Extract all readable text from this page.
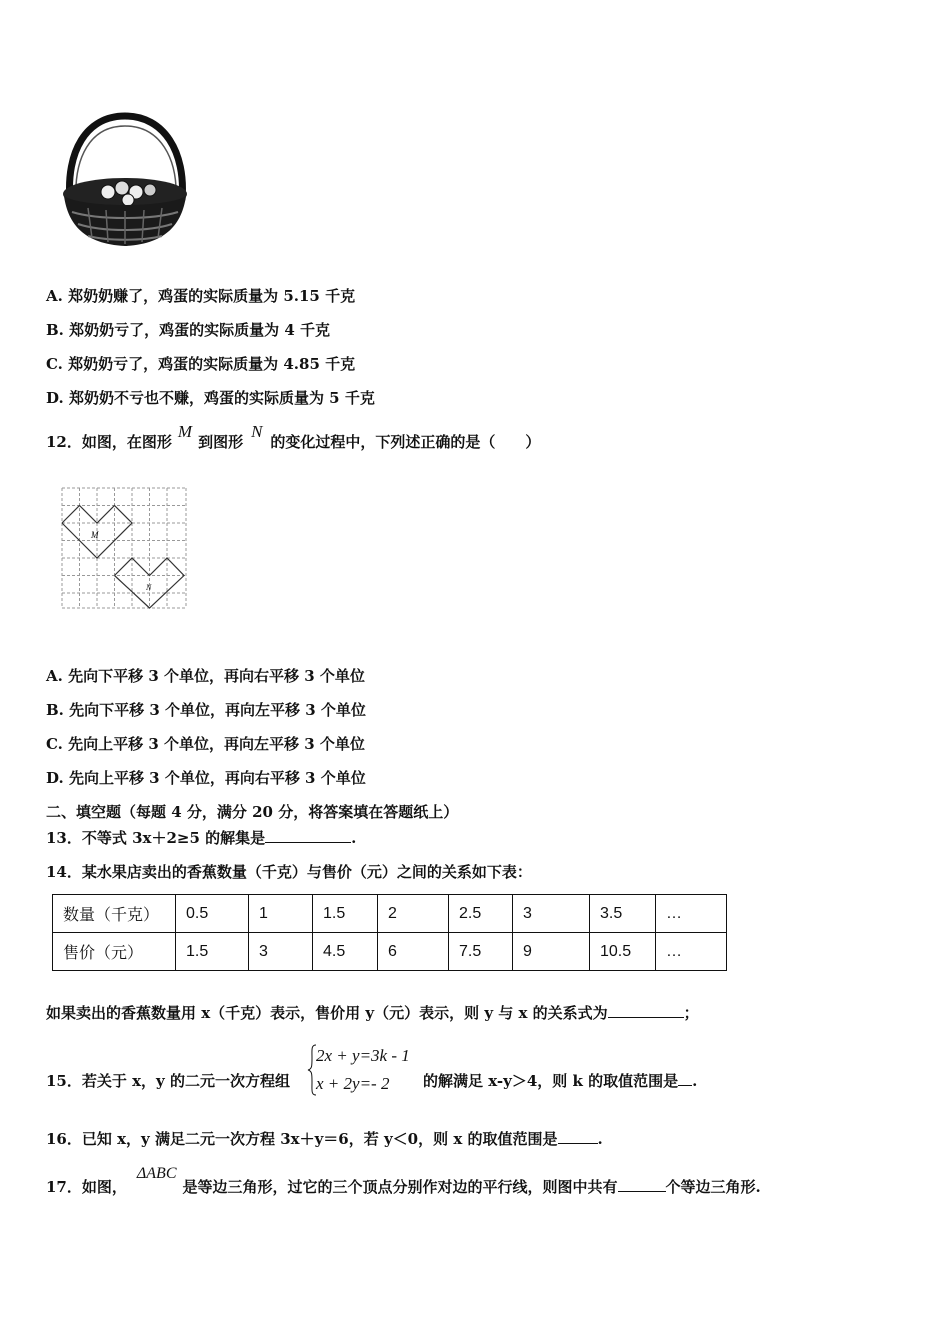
A. 郑奶奶赚了，鸡蛋的实际质量为 5.15 千克
B. 郑奶奶亏了，鸡蛋的实际质量为 4 千克
C. 郑奶奶亏了，鸡蛋的实际质量为 4.85 千克
D. 郑奶奶不亏也不赚，鸡蛋的实际质量为 5 千克
12．如图，在图形M到图形N的变化过程中，下列述正确的是（　　）
M
N
A. 先向下平移 3 个单位，再向右平移 3 个单位
B. 先向下平移 3 个单位，再向左平移 3 个单位
C. 先向上平移 3 个单位，再向左平移 3 个单位
D. 先向上平移 3 个单位，再向右平移 3 个单位
二、填空题（每题 4 分，满分 20 分，将答案填在答题纸上）
13．不等式 3x＋2≥5 的解集是	.
14．某水果店卖出的香蕉数量（千克）与售价（元）之间的关系如下表：
数量（千克）	0.5	1	1.5	2	2.5	3	3.5	…
售价（元）	1.5	3	4.5	6	7.5	9	10.5	…
如果卖出的香蕉数量用 x（千克）表示，售价用 y（元）表示，则 y 与 x 的关系式为	；
15．若关于 x，y 的二元一次方程组
2x + y=3k - 1
x + 2y=- 2 的解满足 x-y＞4，则 k 的取值范围是 .
16．已知 x，y 满足二元一次方程 3x＋y＝6，若 y＜0，则 x 的取值范围是	.
17．如图，ΔABC是等边三角形，过它的三个顶点分别作对边的平行线，则图中共有	个等边三角形.
